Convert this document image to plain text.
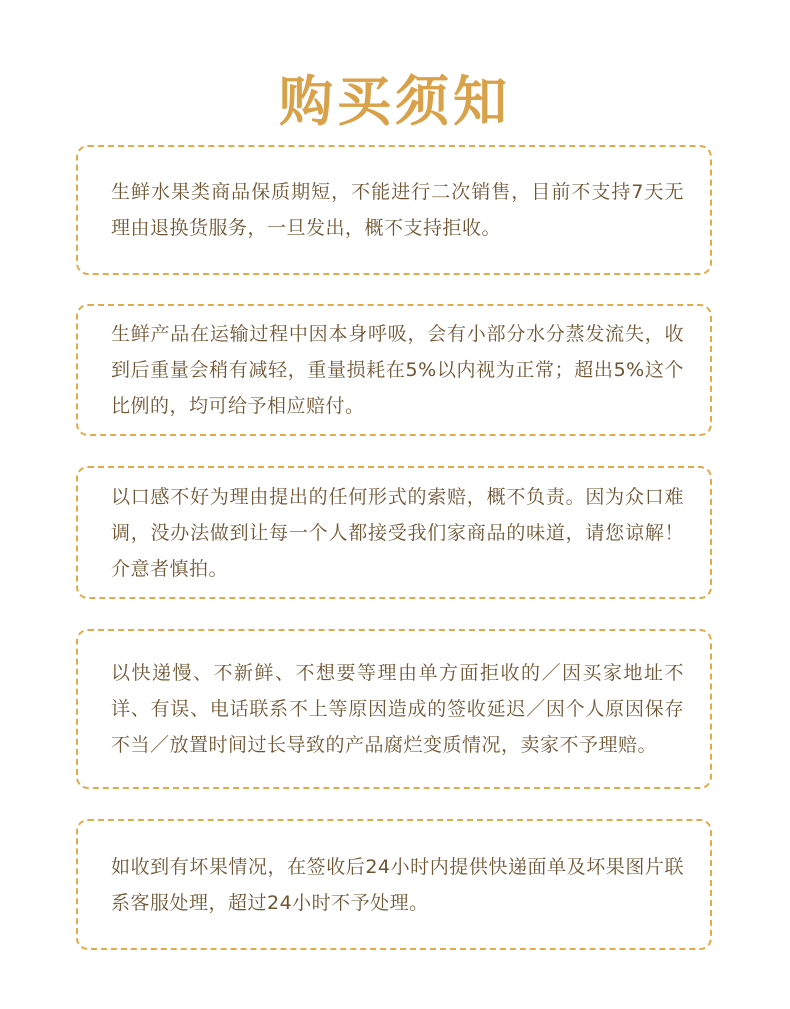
购买须知

生鲜水果类商品保质期短，不能进行二次销售，目前不支持7天无理由退换货服务，一旦发出，概不支持拒收。

生鲜产品在运输过程中因本身呼吸，会有小部分水分蒸发流失，收到后重量会稍有减轻，重量损耗在5%以内视为正常；超出5%这个比例的，均可给予相应赔付。

以口感不好为理由提出的任何形式的索赔，概不负责。因为众口难调，没办法做到让每一个人都接受我们家商品的味道，请您谅解！介意者慎拍。

以快递慢、不新鲜、不想要等理由单方面拒收的／因买家地址不详、有误、电话联系不上等原因造成的签收延迟／因个人原因保存不当／放置时间过长导致的产品腐烂变质情况，卖家不予理赔。

如收到有坏果情况，在签收后24小时内提供快递面单及坏果图片联系客服处理，超过24小时不予处理。
